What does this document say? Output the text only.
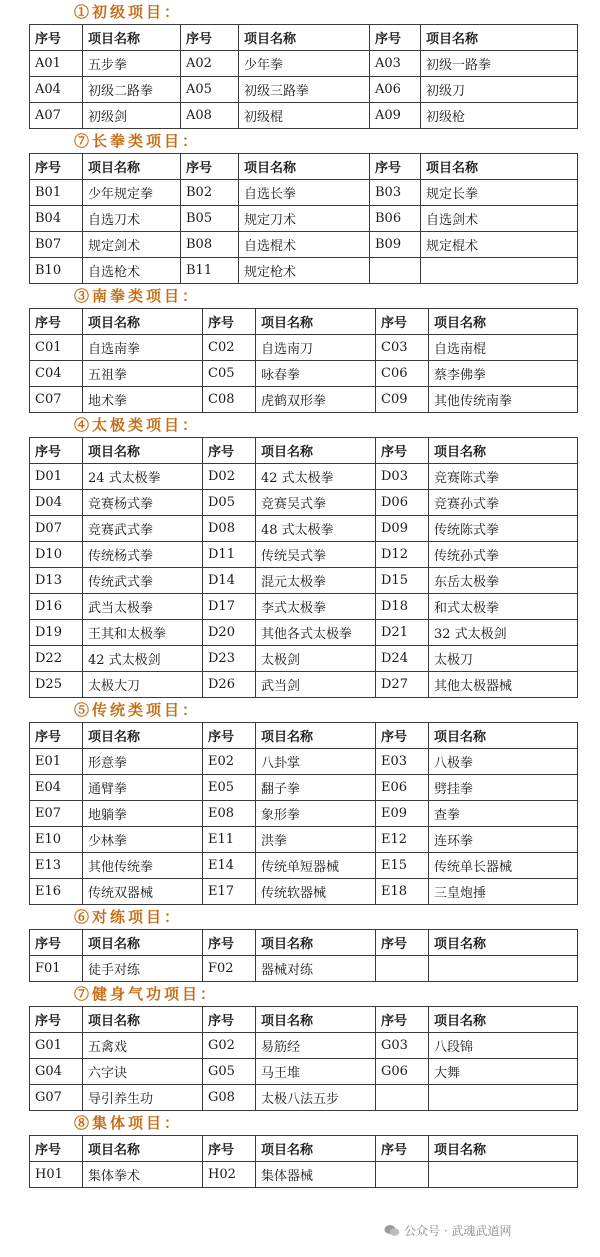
①初级项目：
序号	项目名称	序号	项目名称	序号	项目名称
A01	五步拳	A02	少年拳	A03	初级一路拳
A04	初级二路拳	A05	初级三路拳	A06	初级刀
A07	初级剑	A08	初级棍	A09	初级枪
⑦长拳类项目：
序号	项目名称	序号	项目名称	序号	项目名称
B01	少年规定拳	B02	自选长拳	B03	规定长拳
B04	自选刀术	B05	规定刀术	B06	自选剑术
B07	规定剑术	B08	自选棍术	B09	规定棍术
B10	自选枪术	B11	规定枪术		
③南拳类项目：
序号	项目名称	序号	项目名称	序号	项目名称
C01	自选南拳	C02	自选南刀	C03	自选南棍
C04	五祖拳	C05	咏春拳	C06	蔡李佛拳
C07	地术拳	C08	虎鹤双形拳	C09	其他传统南拳
④太极类项目：
序号	项目名称	序号	项目名称	序号	项目名称
D01	24 式太极拳	D02	42 式太极拳	D03	竞赛陈式拳
D04	竞赛杨式拳	D05	竞赛吴式拳	D06	竞赛孙式拳
D07	竞赛武式拳	D08	48 式太极拳	D09	传统陈式拳
D10	传统杨式拳	D11	传统吴式拳	D12	传统孙式拳
D13	传统武式拳	D14	混元太极拳	D15	东岳太极拳
D16	武当太极拳	D17	李式太极拳	D18	和式太极拳
D19	王其和太极拳	D20	其他各式太极拳	D21	32 式太极剑
D22	42 式太极剑	D23	太极剑	D24	太极刀
D25	太极大刀	D26	武当剑	D27	其他太极器械
⑤传统类项目：
序号	项目名称	序号	项目名称	序号	项目名称
E01	形意拳	E02	八卦掌	E03	八极拳
E04	通臂拳	E05	翻子拳	E06	劈挂拳
E07	地躺拳	E08	象形拳	E09	查拳
E10	少林拳	E11	洪拳	E12	连环拳
E13	其他传统拳	E14	传统单短器械	E15	传统单长器械
E16	传统双器械	E17	传统软器械	E18	三皇炮捶
⑥对练项目：
序号	项目名称	序号	项目名称	序号	项目名称
F01	徒手对练	F02	器械对练		
⑦健身气功项目：
序号	项目名称	序号	项目名称	序号	项目名称
G01	五禽戏	G02	易筋经	G03	八段锦
G04	六字诀	G05	马王堆	G06	大舞
G07	导引养生功	G08	太极八法五步		
⑧集体项目：
序号	项目名称	序号	项目名称	序号	项目名称
H01	集体拳术	H02	集体器械		
公众号 · 武魂武道网
